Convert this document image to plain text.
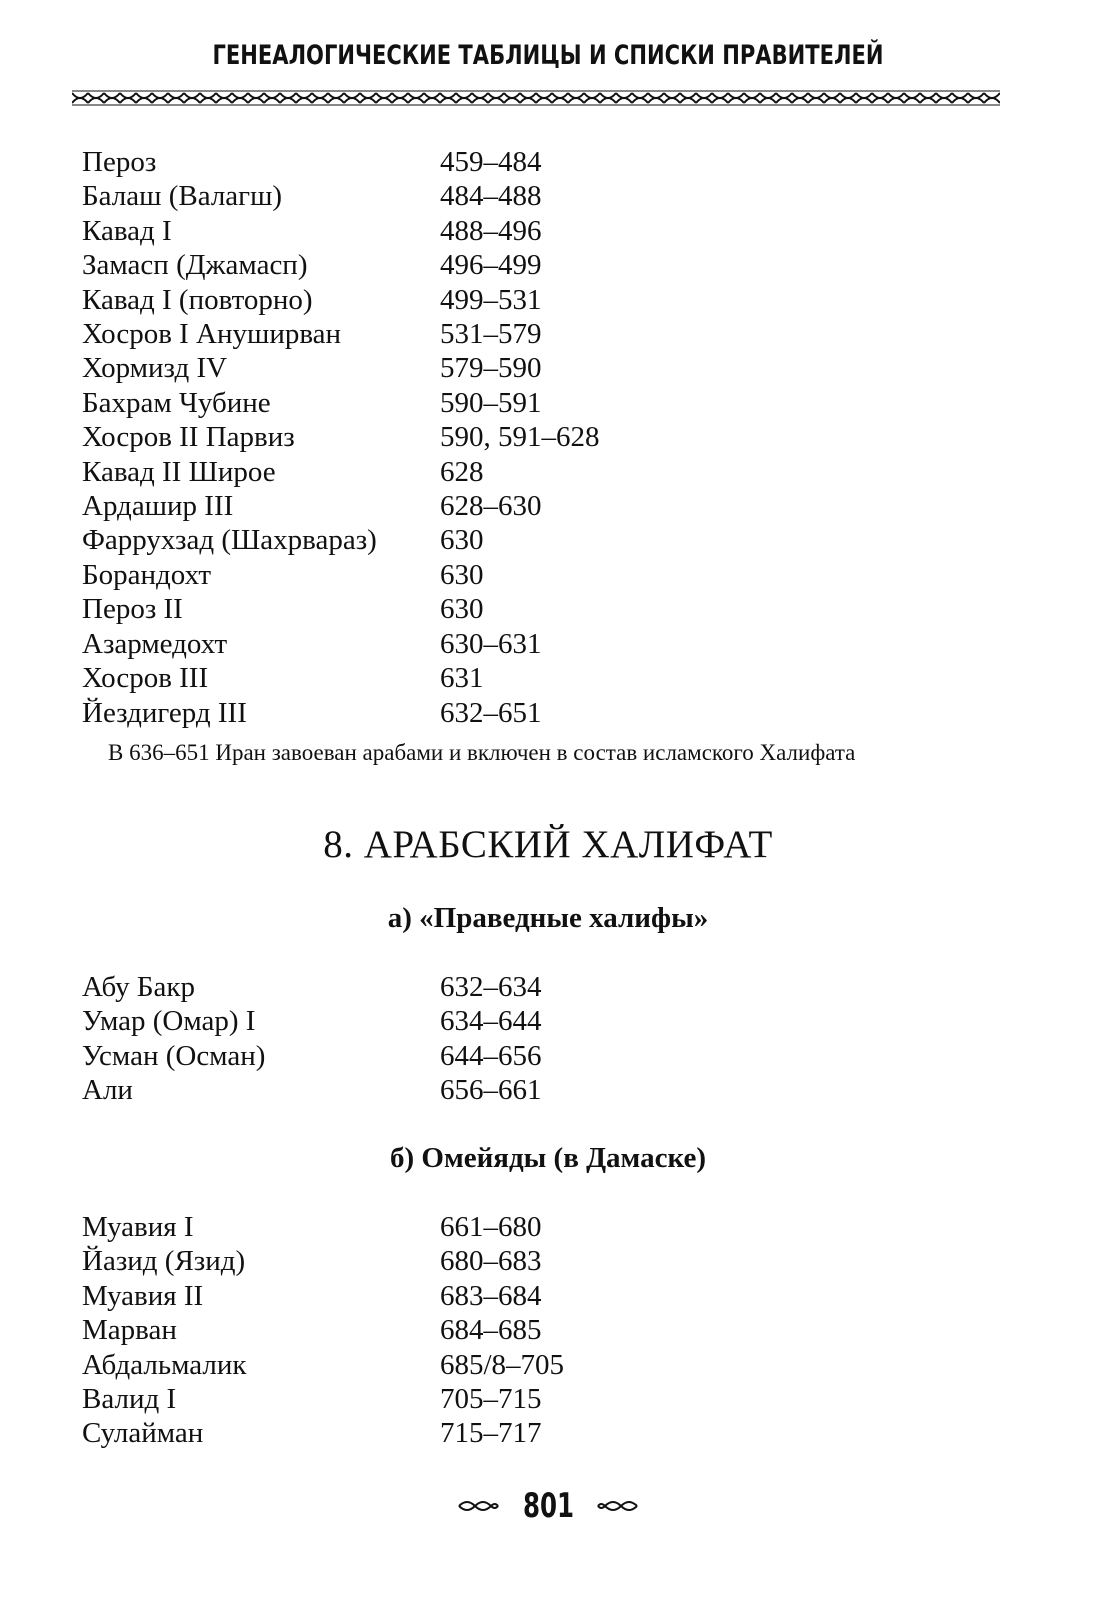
ГЕНЕАЛОГИЧЕСКИЕ ТАБЛИЦЫ И СПИСКИ ПРАВИТЕЛЕЙ
Пероз	459–484
Балаш (Валагш)	484–488
Кавад I	488–496
Замасп (Джамасп)	496–499
Кавад I (повторно)	499–531
Хосров I Ануширван	531–579
Хормизд IV	579–590
Бахрам Чубине	590–591
Хосров II Парвиз	590, 591–628
Кавад II Широе	628
Ардашир III	628–630
Фаррухзад (Шахрвараз)	630
Борандохт	630
Пероз II	630
Азармедохт	630–631
Хосров III	631
Йездигерд III	632–651
В 636–651 Иран завоеван арабами и включен в состав исламского Халифата
8. АРАБСКИЙ ХАЛИФАТ
а) «Праведные халифы»
Абу Бакр	632–634
Умар (Омар) I	634–644
Усман (Осман)	644–656
Али	656–661
б) Омейяды (в Дамаске)
Муавия I	661–680
Йазид (Язид)	680–683
Муавия II	683–684
Марван	684–685
Абдальмалик	685/8–705
Валид I	705–715
Сулайман	715–717
801
